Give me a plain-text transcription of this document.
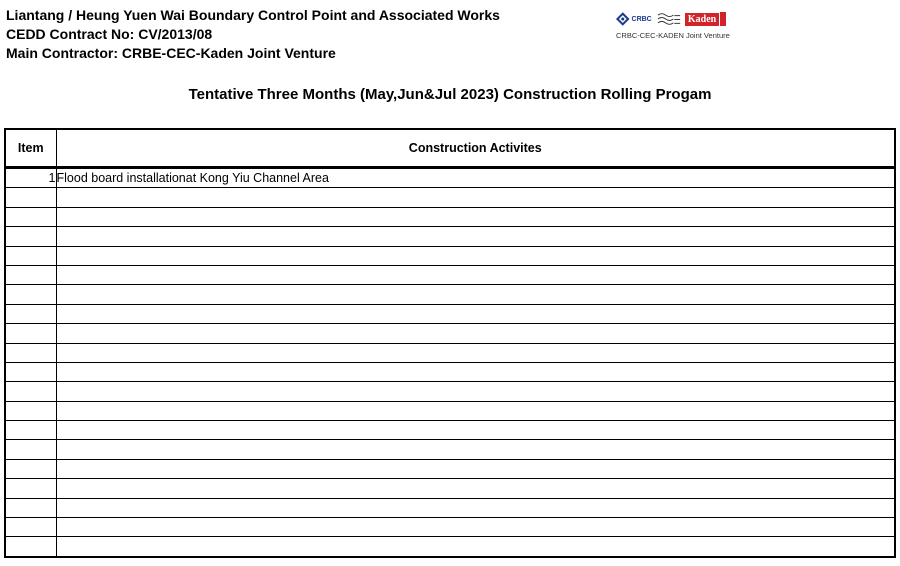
Liantang / Heung Yuen Wai Boundary Control Point and Associated Works
CEDD Contract No: CV/2013/08
Main Contractor: CRBE-CEC-Kaden Joint Venture
CRBC	Kaden
CRBC-CEC-KADEN Joint Venture
Tentative Three Months (May,Jun&Jul 2023) Construction Rolling Progam
Item	Construction Activites
1	Flood board installationat Kong Yiu Channel Area
